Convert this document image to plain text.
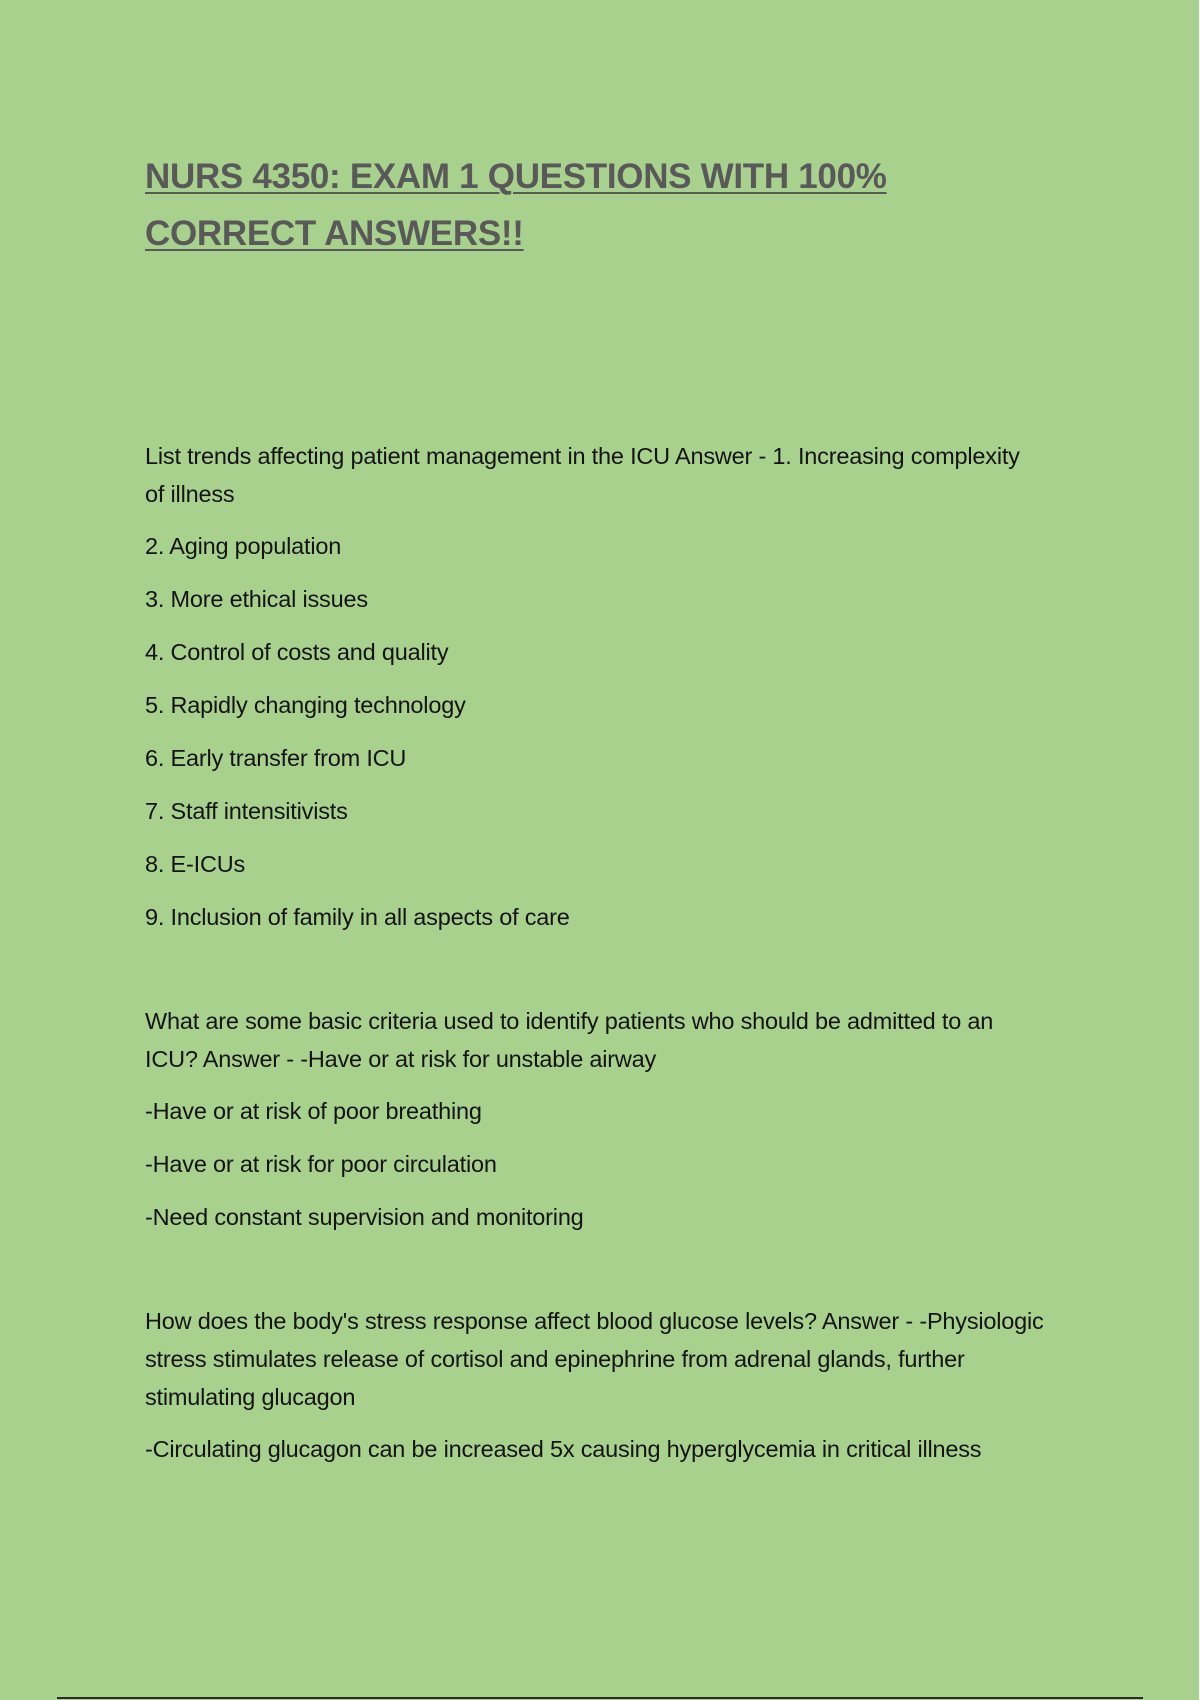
NURS 4350: EXAM 1 QUESTIONS WITH 100% CORRECT ANSWERS!!

List trends affecting patient management in the ICU Answer - 1. Increasing complexity of illness

2. Aging population

3. More ethical issues

4. Control of costs and quality

5. Rapidly changing technology

6. Early transfer from ICU

7. Staff intensitivists

8. E-ICUs

9. Inclusion of family in all aspects of care

What are some basic criteria used to identify patients who should be admitted to an ICU? Answer - -Have or at risk for unstable airway

-Have or at risk of poor breathing

-Have or at risk for poor circulation

-Need constant supervision and monitoring

How does the body's stress response affect blood glucose levels? Answer - -Physiologic stress stimulates release of cortisol and epinephrine from adrenal glands, further stimulating glucagon

-Circulating glucagon can be increased 5x causing hyperglycemia in critical illness
